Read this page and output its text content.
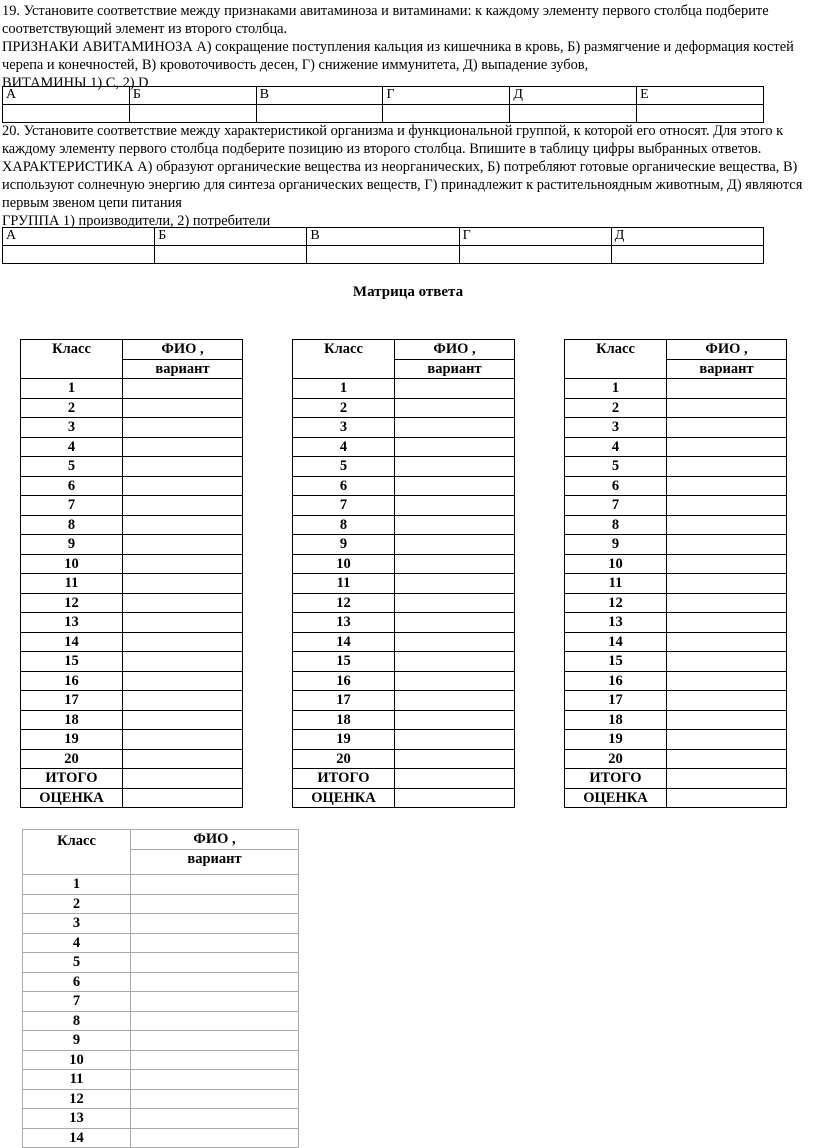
19. Установите соответствие между признаками авитаминоза и витаминами: к каждому элементу первого столбца подберите соответствующий элемент из второго столбца.

ПРИЗНАКИ АВИТАМИНОЗА А) сокращение поступления кальция из кишечника в кровь, Б) размягчение и деформация костей черепа и конечностей, В) кровоточивость десен, Г) снижение иммунитета, Д) выпадение зубов,

ВИТАМИНЫ 1) C, 2) D

А	Б	В	Г	Д	Е

20. Установите соответствие между характеристикой организма и функциональной группой, к которой его относят. Для этого к каждому элементу первого столбца подберите позицию из второго столбца. Впишите в таблицу цифры выбранных ответов.

ХАРАКТЕРИСТИКА А) образуют органические вещества из неорганических, Б) потребляют готовые органические вещества, В) используют солнечную энергию для синтеза органических веществ, Г) принадлежит к растительноядным животным, Д) являются первым звеном цепи питания

ГРУППА 1) производители, 2) потребители

А	Б	В	Г	Д

Матрица ответа
Класс	ФИО ,
	вариант
1	
2	
3	
4	
5	
6	
7	
8	
9	
10	
11	
12	
13	
14	
15	
16	
17	
18	
19	
20	
ИТОГО	
ОЦЕНКА	
Класс	ФИО ,
	вариант
1	
2	
3	
4	
5	
6	
7	
8	
9	
10	
11	
12	
13	
14	
15	
16	
17	
18	
19	
20	
ИТОГО	
ОЦЕНКА	
Класс	ФИО ,
	вариант
1	
2	
3	
4	
5	
6	
7	
8	
9	
10	
11	
12	
13	
14	
15	
16	
17	
18	
19	
20	
ИТОГО	
ОЦЕНКА	
Класс	ФИО ,
	вариант
1	
2	
3	
4	
5	
6	
7	
8	
9	
10	
11	
12	
13	
14	
